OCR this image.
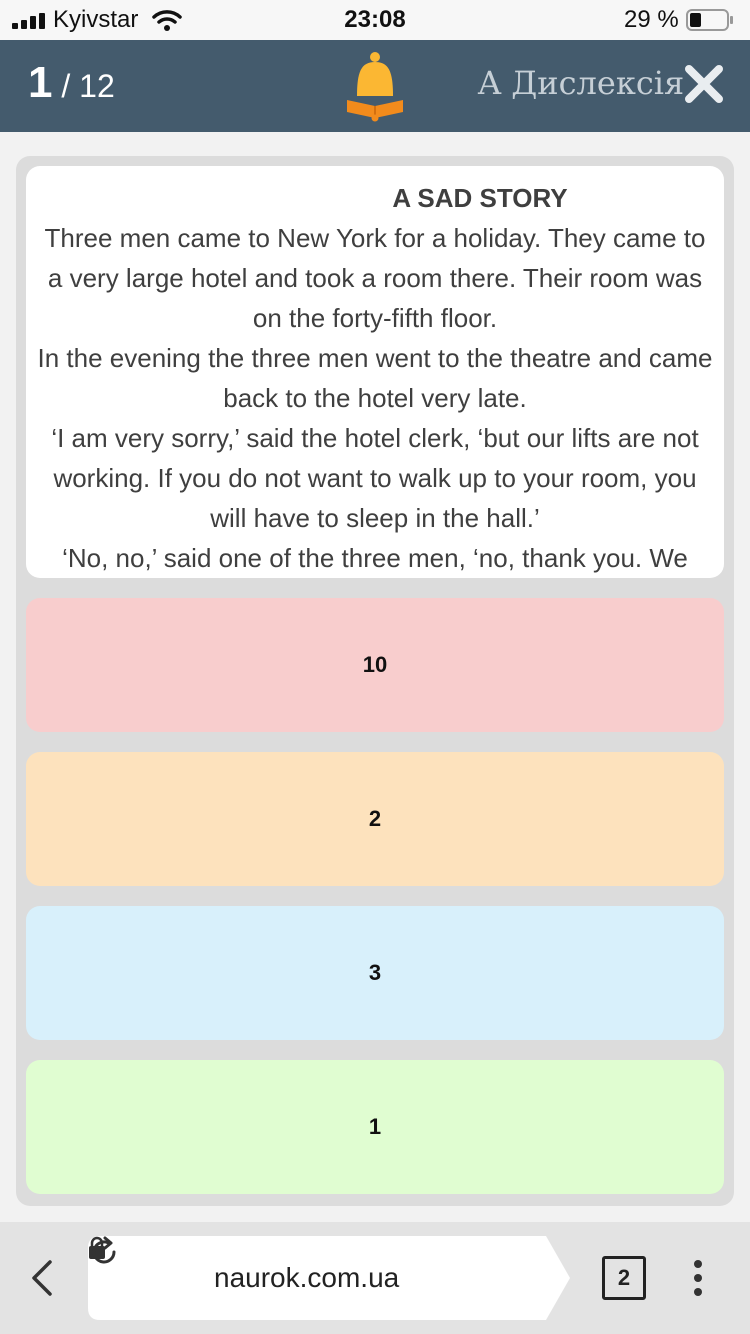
Kyivstar	23:08	29 %
1 / 12	A Дислексія
A SAD STORY

Three men came to New York for a holiday. They came to a very large hotel and took a room there. Their room was on the forty-fifth floor.

In the evening the three men went to the theatre and came back to the hotel very late.

‘I am very sorry,’ said the hotel clerk, ‘but our lifts are not working. If you do not want to walk up to your room, you will have to sleep in the hall.’

‘No, no,’ said one of the three men, ‘no, thank you. We

10
2
3
1
naurok.com.ua	2
